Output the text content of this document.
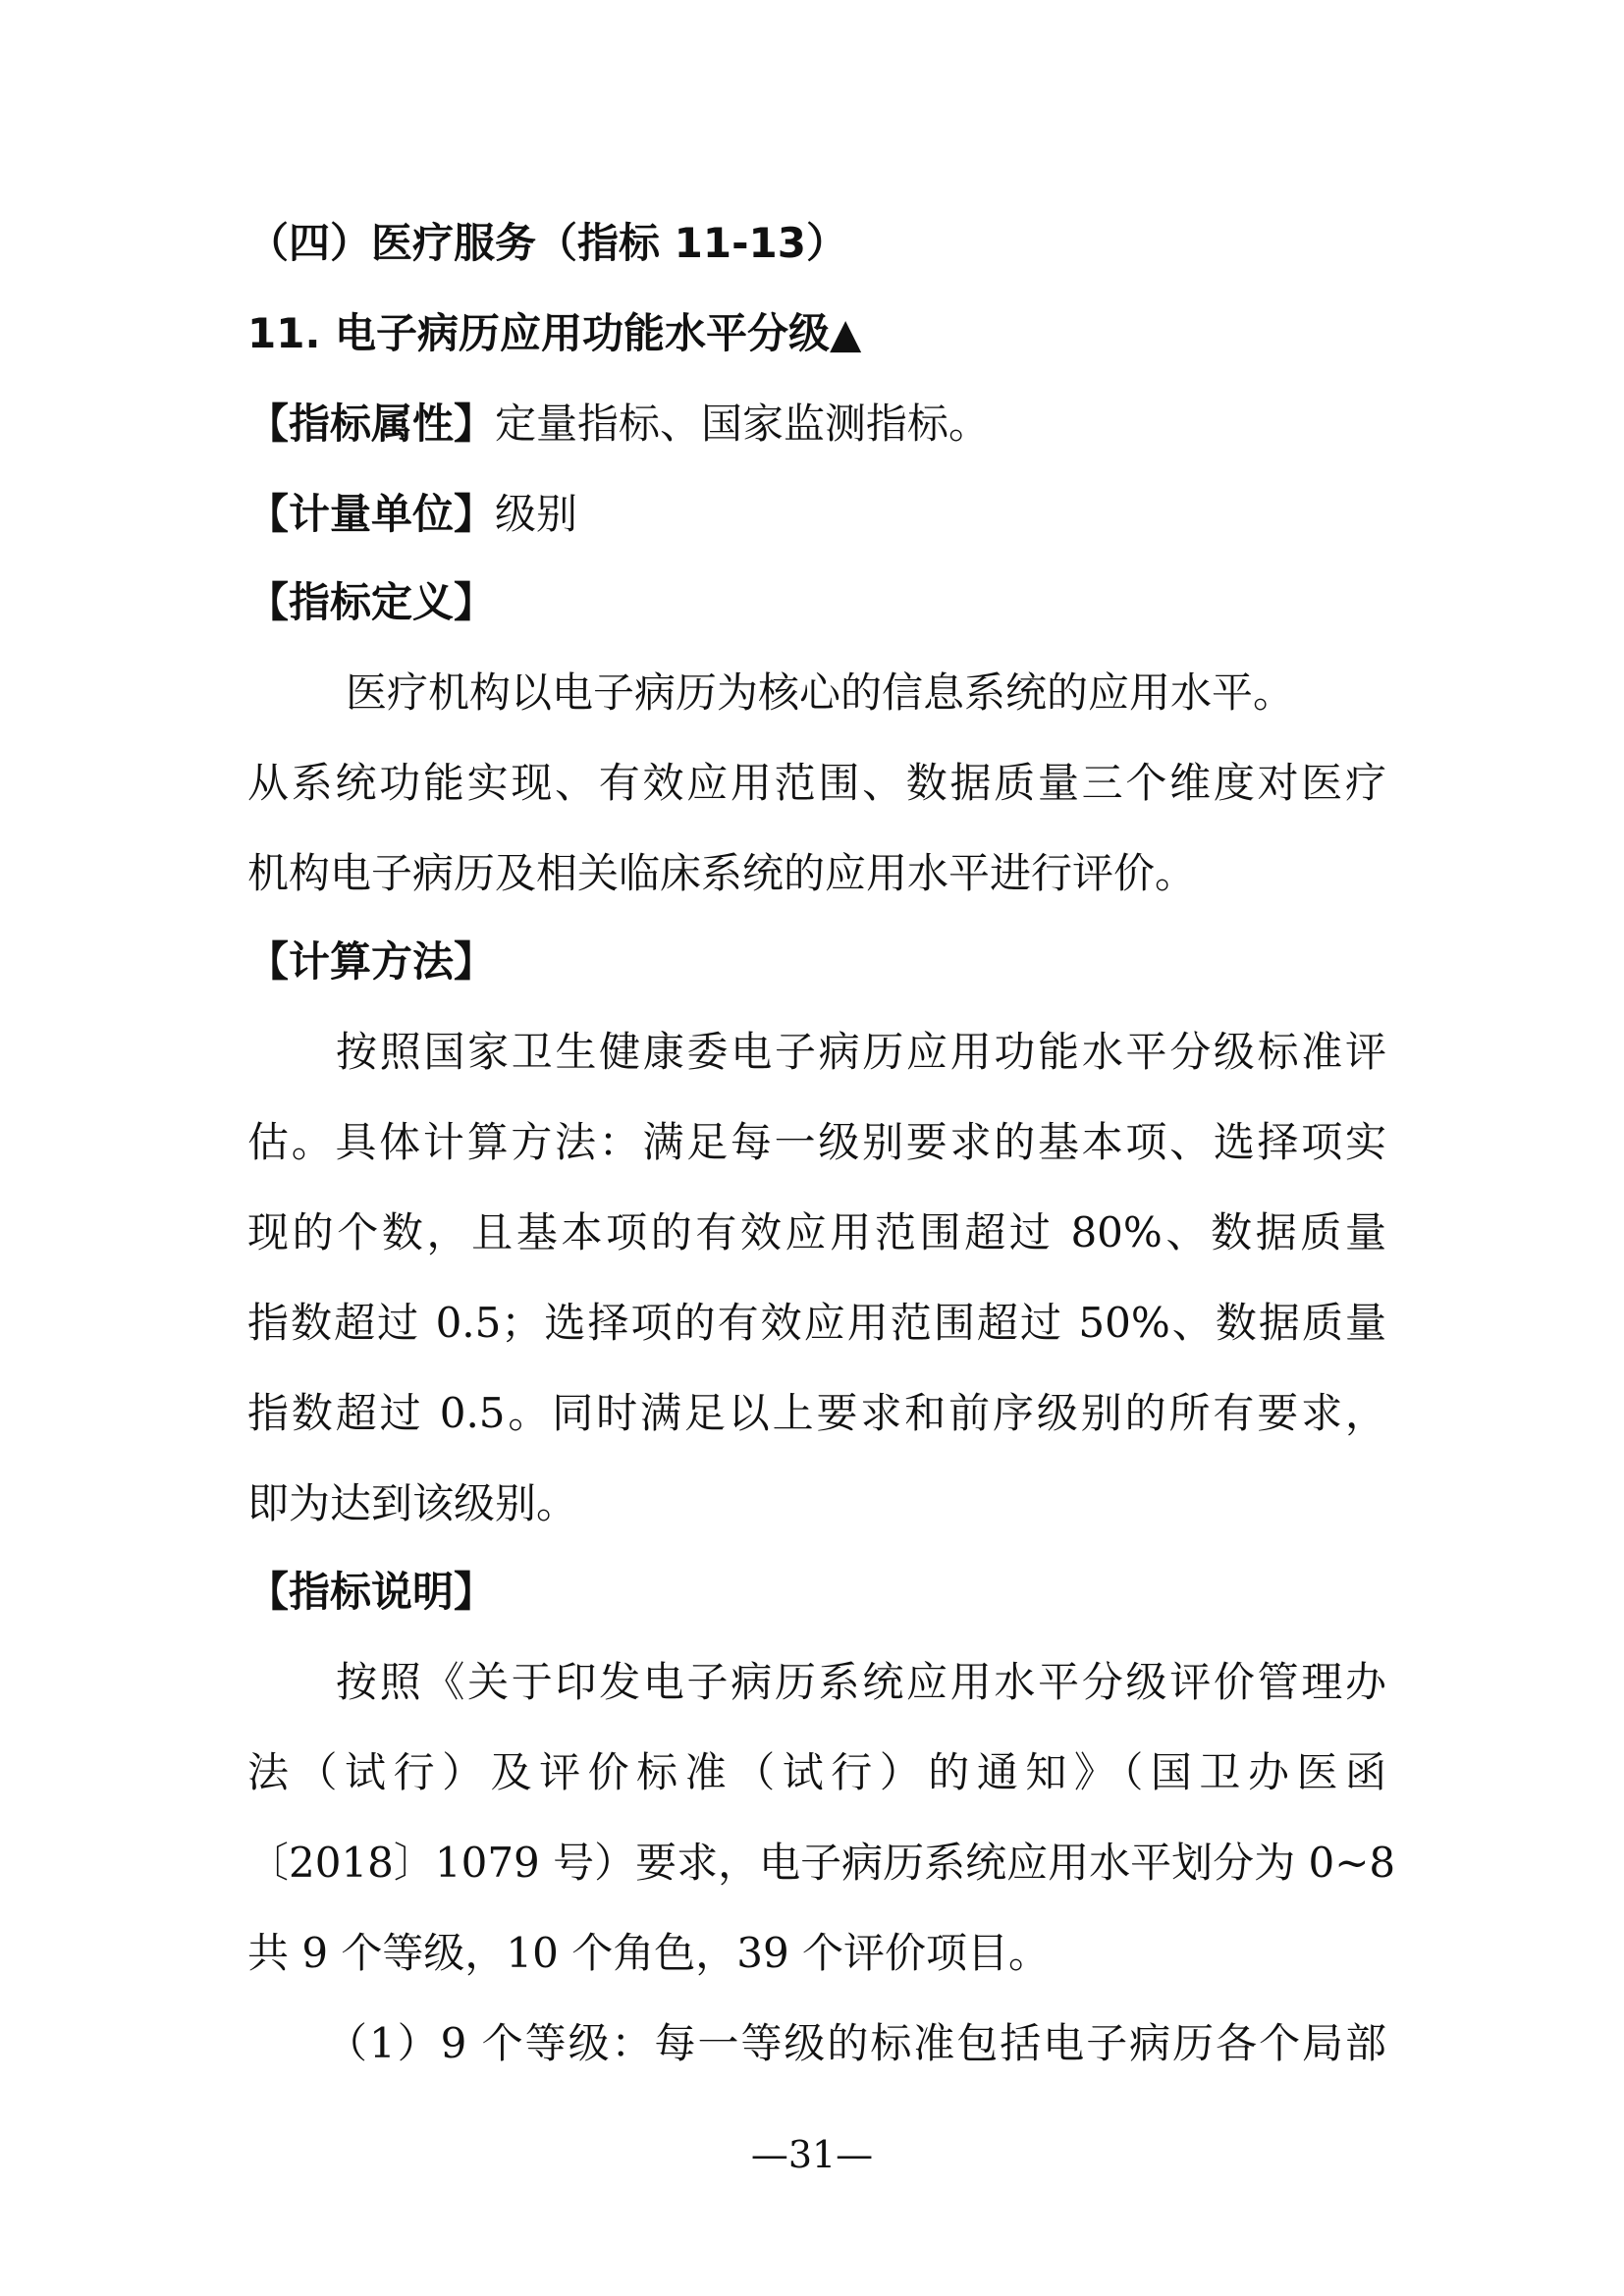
（四）医疗服务（指标 11-13）
11. 电子病历应用功能水平分级▲
【指标属性】定量指标、国家监测指标。
【计量单位】级别
【指标定义】
医疗机构以电子病历为核心的信息系统的应用水平。
从系统功能实现、有效应用范围、数据质量三个维度对医疗
机构电子病历及相关临床系统的应用水平进行评价。
【计算方法】
按照国家卫生健康委电子病历应用功能水平分级标准评
估。具体计算方法：满足每一级别要求的基本项、选择项实
现的个数，且基本项的有效应用范围超过 80%、数据质量
指数超过 0.5；选择项的有效应用范围超过 50%、数据质量
指数超过 0.5。同时满足以上要求和前序级别的所有要求，
即为达到该级别。
【指标说明】
按照《关于印发电子病历系统应用水平分级评价管理办
法（试行）及评价标准（试行）的通知》（国卫办医函
〔2018〕1079 号）要求，电子病历系统应用水平划分为 0~8
共 9 个等级，10 个角色，39 个评价项目。
（1）9 个等级：每一等级的标准包括电子病历各个局部
—31—
